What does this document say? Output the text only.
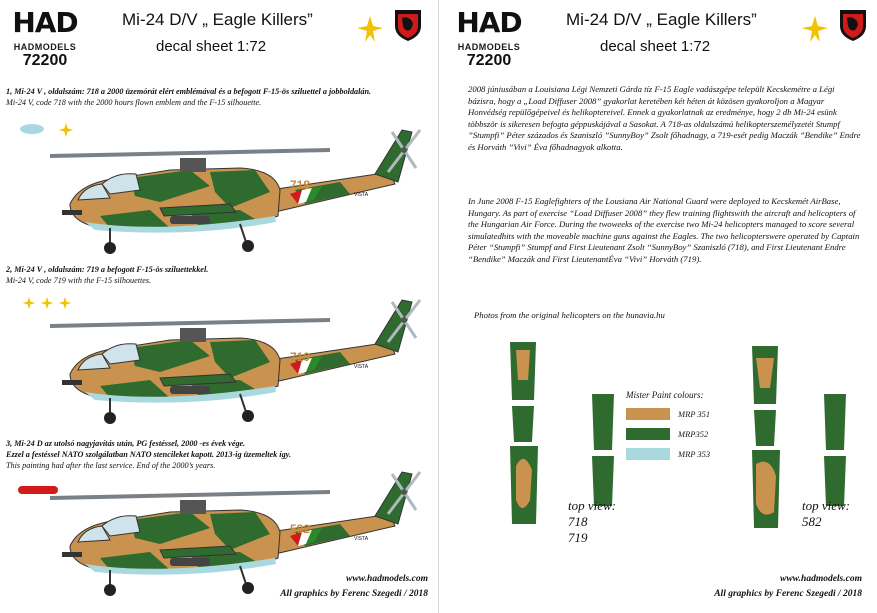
HAD
HADMODELS
72200
Mi-24 D/V „ Eagle Killers”
decal sheet 1:72
HAD
HADMODELS
72200
Mi-24 D/V „ Eagle Killers”
decal sheet 1:72
1, Mi-24 V , oldalszám: 718 a 2000 üzemórát elért emblémával és a befogott F-15-ös sziluettel a jobboldalán.
Mi-24 V, code 718 with the 2000 hours flown emblem and the F-15 silhouette.
718
VISTA
2, Mi-24 V , oldalszám: 719 a befogott F-15-ös sziluettekkel.
Mi-24 V, code 719 with the F-15 silhouettes.
719
VISTA
3, Mi-24 D az utolsó nagyjavítás után, PG festéssel, 2000 -es évek vége.
Ezzel a festéssel NATO szolgálatban NATO stencileket kapott. 2013-ig üzemeltek így.
This painting had after the last service. End of the 2000’s years.
582
VISTA
www.hadmodels.com
All graphics by Ferenc Szegedi / 2018
2008 júniusában a Louisiana Légi Nemzeti Gárda tíz F-15 Eagle vadászgépe települt Kecskemétre a Légi bázisra, hogy a „Load Diffuser 2008” gyakorlat keretében két héten át közösen gyakoroljon a Magyar Honvédség repülőgépeivel és helikoptereivel. Ennek a gyakorlatnak az eredménye, hogy 2 db Mi-24 esünk többször is sikeresen befogta géppuskájával a Sasokat. A 718-as oldalszámú helikopterszemélyzetét Stumpf ”Stumpfi” Péter százados és Szaniszló ”SunnyBoy” Zsolt főhadnagy, a 719-esét pedig Maczák ”Bendike” Endre és Horváth ”Vivi” Éva főhadnagyok alkotta.
In June 2008 F-15 Eaglefighters of the Lousiana Air National Guard were deployed to Kecskemét AirBase, Hungary. As part of exercise “Load Diffuser 2008” they flew training flightswith the aircraft and helicopters of the Hungarian Air Force. During the twoweeks of the exercise two Mi-24 helicopters managed to score several simulatedhits with the moveable machine guns against the Eagles. The two helicopterswere operated by Captain Péter “Stumpfi” Stumpf and First Lieutenant Zsolt “SunnyBoy” Szaniszló (718), and First Lieutenant Endre “Bendike” Maczák and First LieutenantÉva “Vivi” Horváth (719).
Photos from the original helicopters on the hunavia.hu
Mister Paint colours:
MRP 351
MRP352
MRP 353
top view:
718
719
top view:
582
www.hadmodels.com
All graphics by Ferenc Szegedi / 2018
